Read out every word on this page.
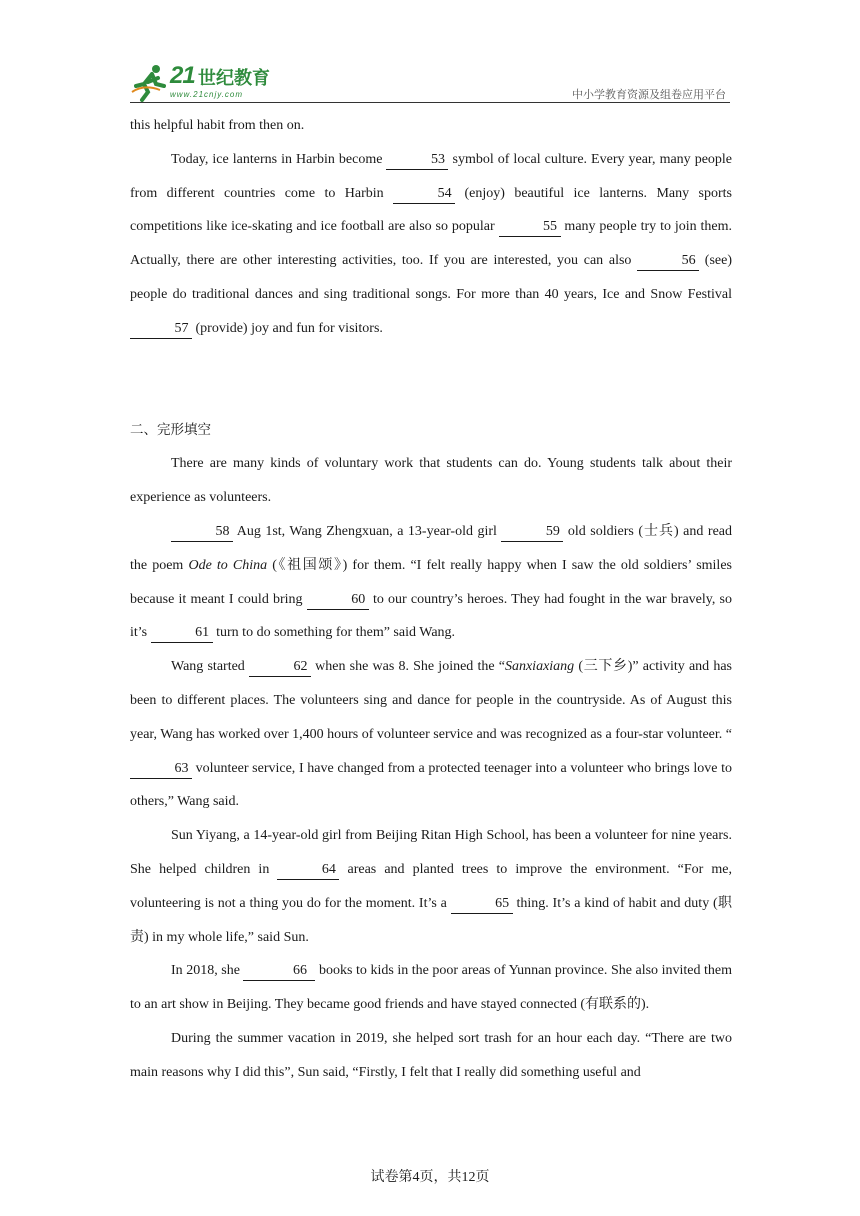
21 世纪教育
www.21cnjy.com	中小学教育资源及组卷应用平台

this helpful habit from then on.

Today, ice lanterns in Harbin become	53 symbol of local culture. Every year, many people from different countries come to Harbin	54 (enjoy) beautiful ice lanterns. Many sports competitions like ice-skating and ice football are also so popular	55 many people try to join them. Actually, there are other interesting activities, too. If you are interested, you can also	56 (see) people do traditional dances and sing traditional songs. For more than 40 years, Ice and Snow Festival 57 (provide) joy and fun for visitors.

二、完形填空

There are many kinds of voluntary work that students can do. Young students talk about their experience as volunteers.

58 Aug 1st, Wang Zhengxuan, a 13-year-old girl	59 old soldiers (士兵) and read the poem Ode to China (《祖国颂》) for them. “I felt really happy when I saw the old soldiers’ smiles because it meant I could bring	60 to our country’s heroes. They had fought in the war bravely, so it’s	61 turn to do something for them” said Wang.

Wang started	62 when she was 8. She joined the “Sanxiaxiang (三下乡)” activity and has been to different places. The volunteers sing and dance for people in the countryside. As of August this year, Wang has worked over 1,400 hours of volunteer service and was recognized as a four-star volunteer. “63 volunteer service, I have changed from a protected teenager into a volunteer who brings love to others,” Wang said.

Sun Yiyang, a 14-year-old girl from Beijing Ritan High School, has been a volunteer for nine years. She helped children in	64 areas and planted trees to improve the environment. “For me, volunteering is not a thing you do for the moment. It’s a	65 thing. It’s a kind of habit and duty (职责) in my whole life,” said Sun.

In 2018, she	66 books to kids in the poor areas of Yunnan province. She also invited them to an art show in Beijing. They became good friends and have stayed connected (有联系的).

During the summer vacation in 2019, she helped sort trash for an hour each day. “There are two main reasons why I did this”, Sun said, “Firstly, I felt that I really did something useful and

试卷第4页，共12页
